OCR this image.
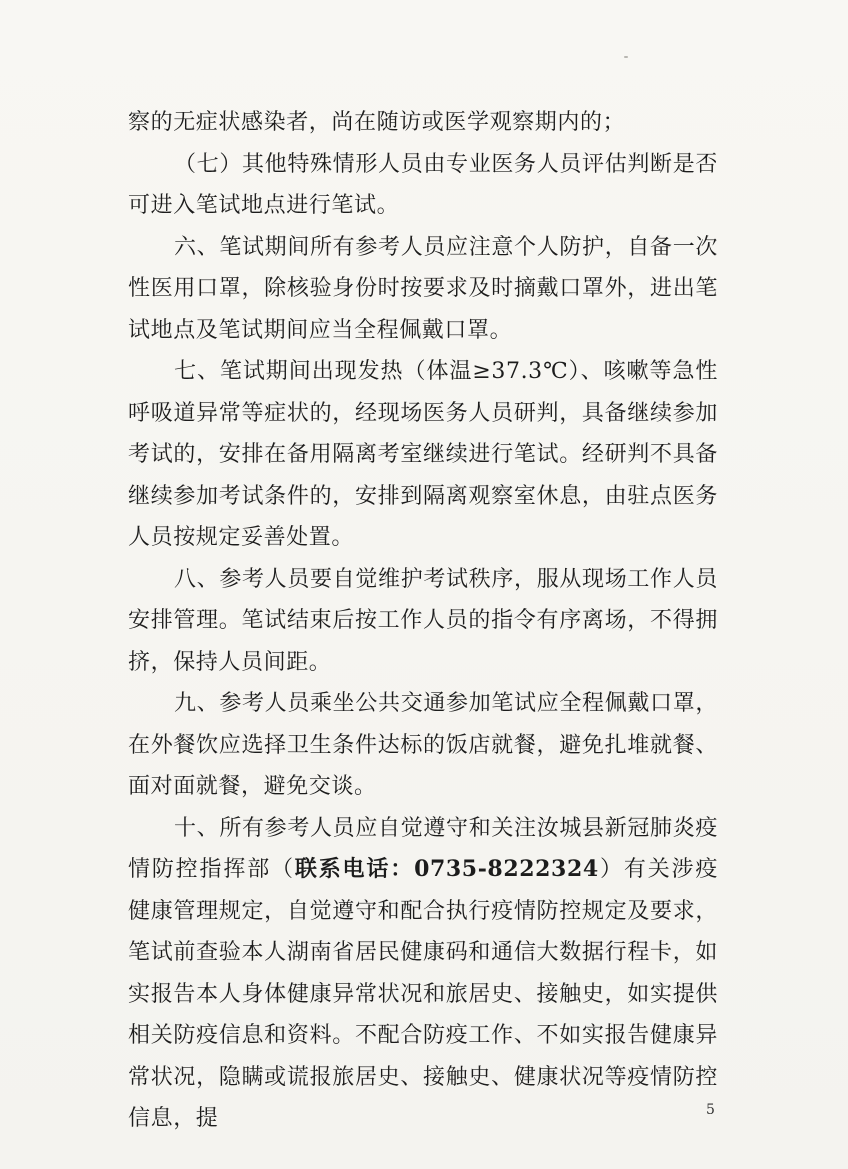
察的无症状感染者，尚在随访或医学观察期内的；

（七）其他特殊情形人员由专业医务人员评估判断是否可进入笔试地点进行笔试。

六、笔试期间所有参考人员应注意个人防护，自备一次性医用口罩，除核验身份时按要求及时摘戴口罩外，进出笔试地点及笔试期间应当全程佩戴口罩。

七、笔试期间出现发热（体温≥37.3℃）、咳嗽等急性呼吸道异常等症状的，经现场医务人员研判，具备继续参加考试的，安排在备用隔离考室继续进行笔试。经研判不具备继续参加考试条件的，安排到隔离观察室休息，由驻点医务人员按规定妥善处置。

八、参考人员要自觉维护考试秩序，服从现场工作人员安排管理。笔试结束后按工作人员的指令有序离场，不得拥挤，保持人员间距。

九、参考人员乘坐公共交通参加笔试应全程佩戴口罩，在外餐饮应选择卫生条件达标的饭店就餐，避免扎堆就餐、面对面就餐，避免交谈。

十、所有参考人员应自觉遵守和关注汝城县新冠肺炎疫情防控指挥部（联系电话：0735-8222324）有关涉疫健康管理规定，自觉遵守和配合执行疫情防控规定及要求，笔试前查验本人湖南省居民健康码和通信大数据行程卡，如实报告本人身体健康异常状况和旅居史、接触史，如实提供相关防疫信息和资料。不配合防疫工作、不如实报告健康异常状况，隐瞒或谎报旅居史、接触史、健康状况等疫情防控信息，提	5
